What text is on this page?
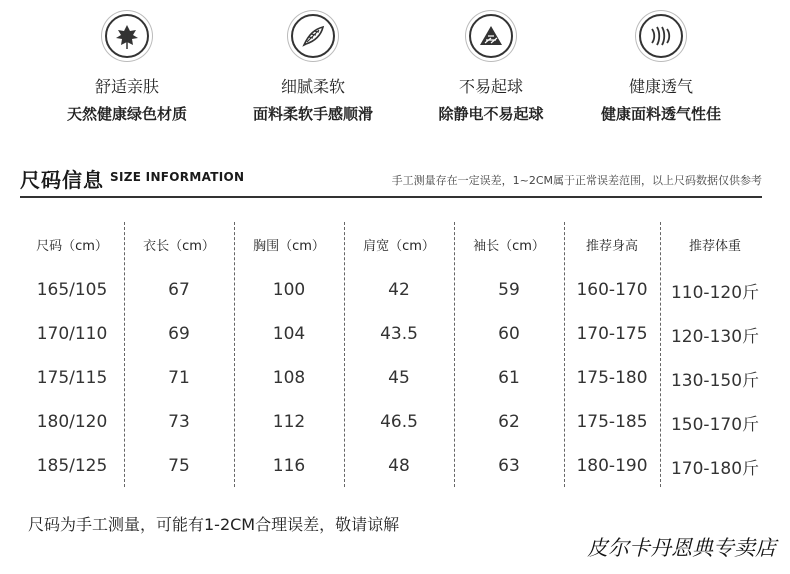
舒适亲肤
天然健康绿色材质
细腻柔软
面料柔软手感顺滑
不易起球
除静电不易起球
健康透气
健康面料透气性佳
尺码信息 SIZE INFORMATION	手工测量存在一定误差，1~2CM属于正常误差范围，以上尺码数据仅供参考
尺码（cm）	衣长（cm）	胸围（cm）	肩宽（cm）	袖长（cm）	推荐身高	推荐体重
165/105	67	100	42	59	160-170	110-120斤
170/110	69	104	43.5	60	170-175	120-130斤
175/115	71	108	45	61	175-180	130-150斤
180/120	73	112	46.5	62	175-185	150-170斤
185/125	75	116	48	63	180-190	170-180斤
尺码为手工测量，可能有1-2CM合理误差，敬请谅解
皮尔卡丹恩典专卖店
